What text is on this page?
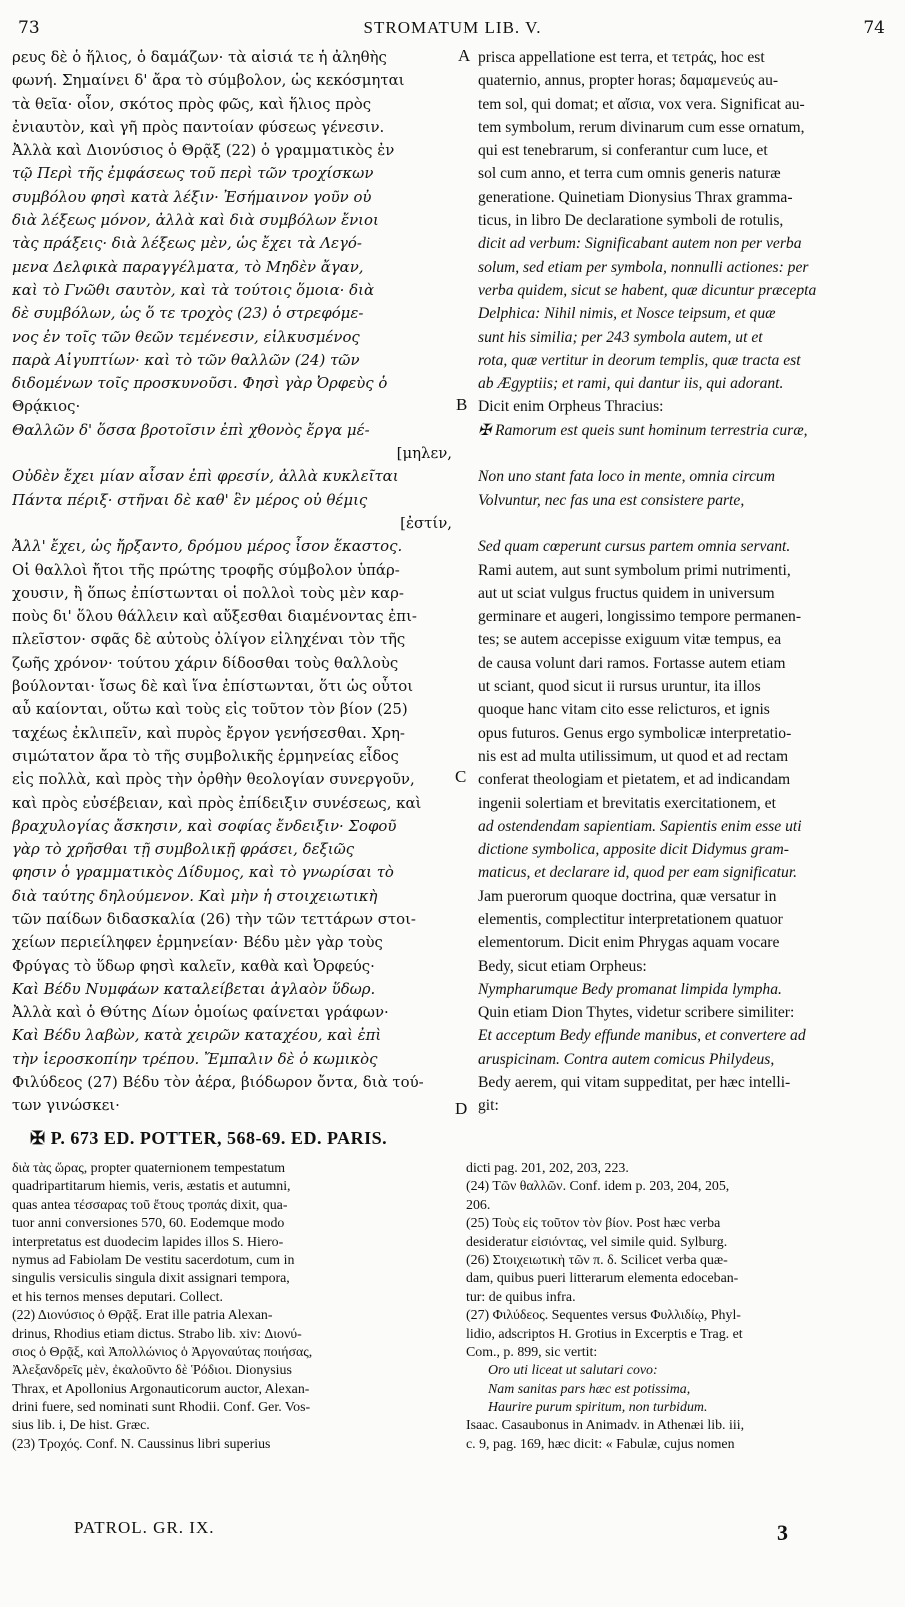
73	STROMATUM LIB. V.	74
ρευς δὲ ὁ ἥλιος, ὁ δαμάζων· τὰ αἰσιά τε ἡ ἀληθὴς
φωνή. Σημαίνει δ' ἄρα τὸ σύμβολον, ὡς κεκόσμηται
τὰ θεῖα· οἷον, σκότος πρὸς φῶς, καὶ ἥλιος πρὸς
ἐνιαυτὸν, καὶ γῆ πρὸς παντοίαν φύσεως γένεσιν.
Ἀλλὰ καὶ Διονύσιος ὁ Θρᾷξ (22) ὁ γραμματικὸς ἐν
τῷ Περὶ τῆς ἐμφάσεως τοῦ περὶ τῶν τροχίσκων
συμβόλου φησὶ κατὰ λέξιν· Ἐσήμαινον γοῦν οὐ
διὰ λέξεως μόνον, ἀλλὰ καὶ διὰ συμβόλων ἔνιοι
τὰς πράξεις· διὰ λέξεως μὲν, ὡς ἔχει τὰ Λεγό-
μενα Δελφικὰ παραγγέλματα, τὸ Μηδὲν ἄγαν,
καὶ τὸ Γνῶθι σαυτὸν, καὶ τὰ τούτοις ὅμοια· διὰ
δὲ συμβόλων, ὡς ὅ τε τροχὸς (23) ὁ στρεφόμε-
νος ἐν τοῖς τῶν θεῶν τεμένεσιν, εἱλκυσμένος
παρὰ Αἰγυπτίων· καὶ τὸ τῶν θαλλῶν (24) τῶν
διδομένων τοῖς προσκυνοῦσι. Φησὶ γὰρ Ὀρφεὺς ὁ
Θρᾴκιος·
Θαλλῶν δ' ὅσσα βροτοῖσιν ἐπὶ χθονὸς ἔργα μέ-
[μηλεν,
Οὐδὲν ἔχει μίαν αἶσαν ἐπὶ φρεσίν, ἀλλὰ κυκλεῖται
Πάντα πέριξ· στῆναι δὲ καθ' ἓν μέρος οὐ θέμις
[ἐστίν,
Ἀλλ' ἔχει, ὡς ἤρξαντο, δρόμου μέρος ἶσον ἕκαστος.
Οἱ θαλλοὶ ἤτοι τῆς πρώτης τροφῆς σύμβολον ὑπάρ-
χουσιν, ἢ ὅπως ἐπίστωνται οἱ πολλοὶ τοὺς μὲν καρ-
ποὺς δι' ὅλου θάλλειν καὶ αὔξεσθαι διαμένοντας ἐπι-
πλεῖστον· σφᾶς δὲ αὐτοὺς ὀλίγον εἰληχέναι τὸν τῆς
ζωῆς χρόνον· τούτου χάριν δίδοσθαι τοὺς θαλλοὺς
βούλονται· ἴσως δὲ καὶ ἵνα ἐπίστωνται, ὅτι ὡς οὗτοι
αὖ καίονται, οὕτω καὶ τοὺς εἰς τοῦτον τὸν βίον (25)
ταχέως ἐκλιπεῖν, καὶ πυρὸς ἔργον γενήσεσθαι. Χρη-
σιμώτατον ἄρα τὸ τῆς συμβολικῆς ἑρμηνείας εἶδος
εἰς πολλὰ, καὶ πρὸς τὴν ὀρθὴν θεολογίαν συνεργοῦν,
καὶ πρὸς εὐσέβειαν, καὶ πρὸς ἐπίδειξιν συνέσεως, καὶ
βραχυλογίας ἄσκησιν, καὶ σοφίας ἔνδειξιν· Σοφοῦ
γὰρ τὸ χρῆσθαι τῇ συμβολικῇ φράσει, δεξιῶς
φησιν ὁ γραμματικὸς Δίδυμος, καὶ τὸ γνωρίσαι τὸ
διὰ ταύτης δηλούμενον. Καὶ μὴν ἡ στοιχειωτικὴ
τῶν παίδων διδασκαλία (26) τὴν τῶν τεττάρων στοι-
χείων περιείληφεν ἑρμηνείαν· Βέδυ μὲν γὰρ τοὺς
Φρύγας τὸ ὕδωρ φησὶ καλεῖν, καθὰ καὶ Ὀρφεύς·
Καὶ Βέδυ Νυμφάων καταλείβεται ἀγλαὸν ὕδωρ.
Ἀλλὰ καὶ ὁ Θύτης Δίων ὁμοίως φαίνεται γράφων·
Καὶ Βέδυ λαβὼν, κατὰ χειρῶν καταχέου, καὶ ἐπὶ
τὴν ἱεροσκοπίην τρέπου. Ἔμπαλιν δὲ ὁ κωμικὸς
Φιλύδεος (27) Βέδυ τὸν ἀέρα, βιόδωρον ὄντα, διὰ τού-
των γινώσκει·
prisca appellatione est terra, et τετράς, hoc est
quaternio, annus, propter horas; δαμαμενεύς au-
tem sol, qui domat; et αἴσια, vox vera. Significat au-
tem symbolum, rerum divinarum cum esse ornatum,
qui est tenebrarum, si conferantur cum luce, et
sol cum anno, et terra cum omnis generis naturæ
generatione. Quinetiam Dionysius Thrax gramma-
ticus, in libro De declaratione symboli de rotulis,
dicit ad verbum: Significabant autem non per verba
solum, sed etiam per symbola, nonnulli actiones: per
verba quidem, sicut se habent, quæ dicuntur præcepta
Delphica: Nihil nimis, et Nosce teipsum, et quæ
sunt his similia; per 243 symbola autem, ut et
rota, quæ vertitur in deorum templis, quæ tracta est
ab Ægyptiis; et rami, qui dantur iis, qui adorant.
Dicit enim Orpheus Thracius:
✠ Ramorum est queis sunt hominum terrestria curæ,
Non uno stant fata loco in mente, omnia circum
Volvuntur, nec fas una est consistere parte,
Sed quam cœperunt cursus partem omnia servant.
Rami autem, aut sunt symbolum primi nutrimenti,
aut ut sciat vulgus fructus quidem in universum
germinare et augeri, longissimo tempore permanen-
tes; se autem accepisse exiguum vitæ tempus, ea
de causa volunt dari ramos. Fortasse autem etiam
ut sciant, quod sicut ii rursus uruntur, ita illos
quoque hanc vitam cito esse relicturos, et ignis
opus futuros. Genus ergo symbolicæ interpretatio-
nis est ad multa utilissimum, ut quod et ad rectam
conferat theologiam et pietatem, et ad indicandam
ingenii solertiam et brevitatis exercitationem, et
ad ostendendam sapientiam. Sapientis enim esse uti
dictione symbolica, apposite dicit Didymus gram-
maticus, et declarare id, quod per eam significatur.
Jam puerorum quoque doctrina, quæ versatur in
elementis, complectitur interpretationem quatuor
elementorum. Dicit enim Phrygas aquam vocare
Bedy, sicut etiam Orpheus:
Nympharumque Bedy promanat limpida lympha.
Quin etiam Dion Thytes, videtur scribere similiter:
Et acceptum Bedy effunde manibus, et convertere ad
aruspicinam. Contra autem comicus Philydeus,
Bedy aerem, qui vitam suppeditat, per hæc intelli-
git:
A
B
C
D
✠ P. 673 ED. POTTER, 568-69. ED. PARIS.
διὰ τὰς ὥρας, propter quaternionem tempestatum
quadripartitarum hiemis, veris, æstatis et autumni,
quas antea τέσσαρας τοῦ ἔτους τροπάς dixit, qua-
tuor anni conversiones 570, 60. Eodemque modo
interpretatus est duodecim lapides illos S. Hiero-
nymus ad Fabiolam De vestitu sacerdotum, cum in
singulis versiculis singula dixit assignari tempora,
et his ternos menses deputari. Collect.
(22) Διονύσιος ὁ Θρᾷξ. Erat ille patria Alexan-
drinus, Rhodius etiam dictus. Strabo lib. xiv: Διονύ-
σιος ὁ Θρᾷξ, καὶ Ἀπολλώνιος ὁ Ἀργοναύτας ποιήσας,
Ἀλεξανδρεῖς μὲν, ἐκαλοῦντο δὲ Ῥόδιοι. Dionysius
Thrax, et Apollonius Argonauticorum auctor, Alexan-
drini fuere, sed nominati sunt Rhodii. Conf. Ger. Vos-
sius lib. i, De hist. Græc.
(23) Τροχός. Conf. N. Caussinus libri superius
dicti pag. 201, 202, 203, 223.
(24) Τῶν θαλλῶν. Conf. idem p. 203, 204, 205,
206.
(25) Τοὺς εἰς τοῦτον τὸν βίον. Post hæc verba
desideratur εἰσιόντας, vel simile quid. Sylburg.
(26) Στοιχειωτικὴ τῶν π. δ. Scilicet verba quæ-
dam, quibus pueri litterarum elementa edoceban-
tur: de quibus infra.
(27) Φιλύδεος. Sequentes versus Φυλλιδίῳ, Phyl-
lidio, adscriptos H. Grotius in Excerptis e Trag. et
Com., p. 899, sic vertit:
Oro uti liceat ut salutari covo:
Nam sanitas pars hæc est potissima,
Haurire purum spiritum, non turbidum.
Isaac. Casaubonus in Animadv. in Athenæi lib. iii,
c. 9, pag. 169, hæc dicit: « Fabulæ, cujus nomen
PATROL. GR. IX.	3
